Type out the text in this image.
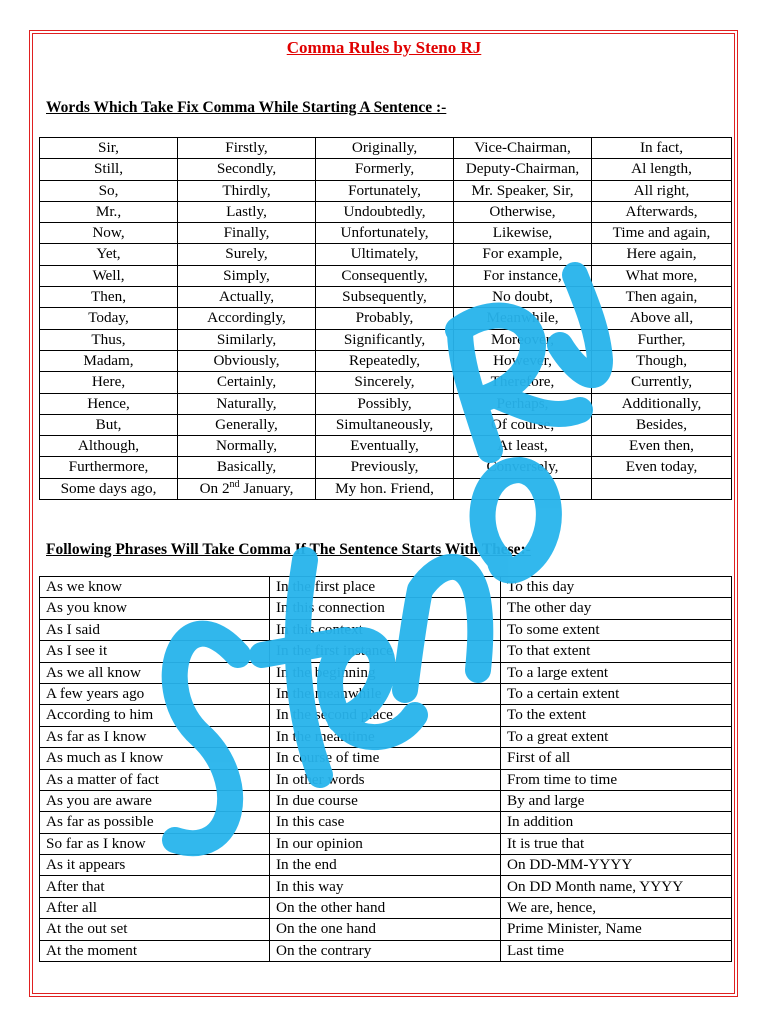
Comma Rules by Steno RJ
Words Which Take Fix Comma While Starting A Sentence :-
Sir,	Firstly,	Originally,	Vice-Chairman,	In fact,
Still,	Secondly,	Formerly,	Deputy-Chairman,	Al length,
So,	Thirdly,	Fortunately,	Mr. Speaker, Sir,	All right,
Mr.,	Lastly,	Undoubtedly,	Otherwise,	Afterwards,
Now,	Finally,	Unfortunately,	Likewise,	Time and again,
Yet,	Surely,	Ultimately,	For example,	Here again,
Well,	Simply,	Consequently,	For instance,	What more,
Then,	Actually,	Subsequently,	No doubt,	Then again,
Today,	Accordingly,	Probably,	Meanwhile,	Above all,
Thus,	Similarly,	Significantly,	Moreover,	Further,
Madam,	Obviously,	Repeatedly,	However,	Though,
Here,	Certainly,	Sincerely,	Therefore,	Currently,
Hence,	Naturally,	Possibly,	Perhaps,	Additionally,
But,	Generally,	Simultaneously,	Of course,	Besides,
Although,	Normally,	Eventually,	At least,	Even then,
Furthermore,	Basically,	Previously,	Conversely,	Even today,
Some days ago,	On 2nd January,	My hon. Friend,		
Following Phrases Will Take Comma If The Sentence Starts With These:-
As we know	In the first place	To this day
As you know	In this connection	The other day
As I said	In this context	To some extent
As I see it	In the first instance	To that extent
As we all know	In the beginning	To a large extent
A few years ago	In the meanwhile	To a certain extent
According to him	In the second place	To the extent
As far as I know	In the meantime	To a great extent
As much as I know	In course of time	First of all
As a matter of fact	In other words	From time to time
As you are aware	In due course	By and large
As far as possible	In this case	In addition
So far as I know	In our opinion	It is true that
As it appears	In the end	On DD-MM-YYYY
After that	In this way	On DD Month name, YYYY
After all	On the other hand	We are, hence,
At the out set	On the one hand	Prime Minister, Name
At the moment	On the contrary	Last time
